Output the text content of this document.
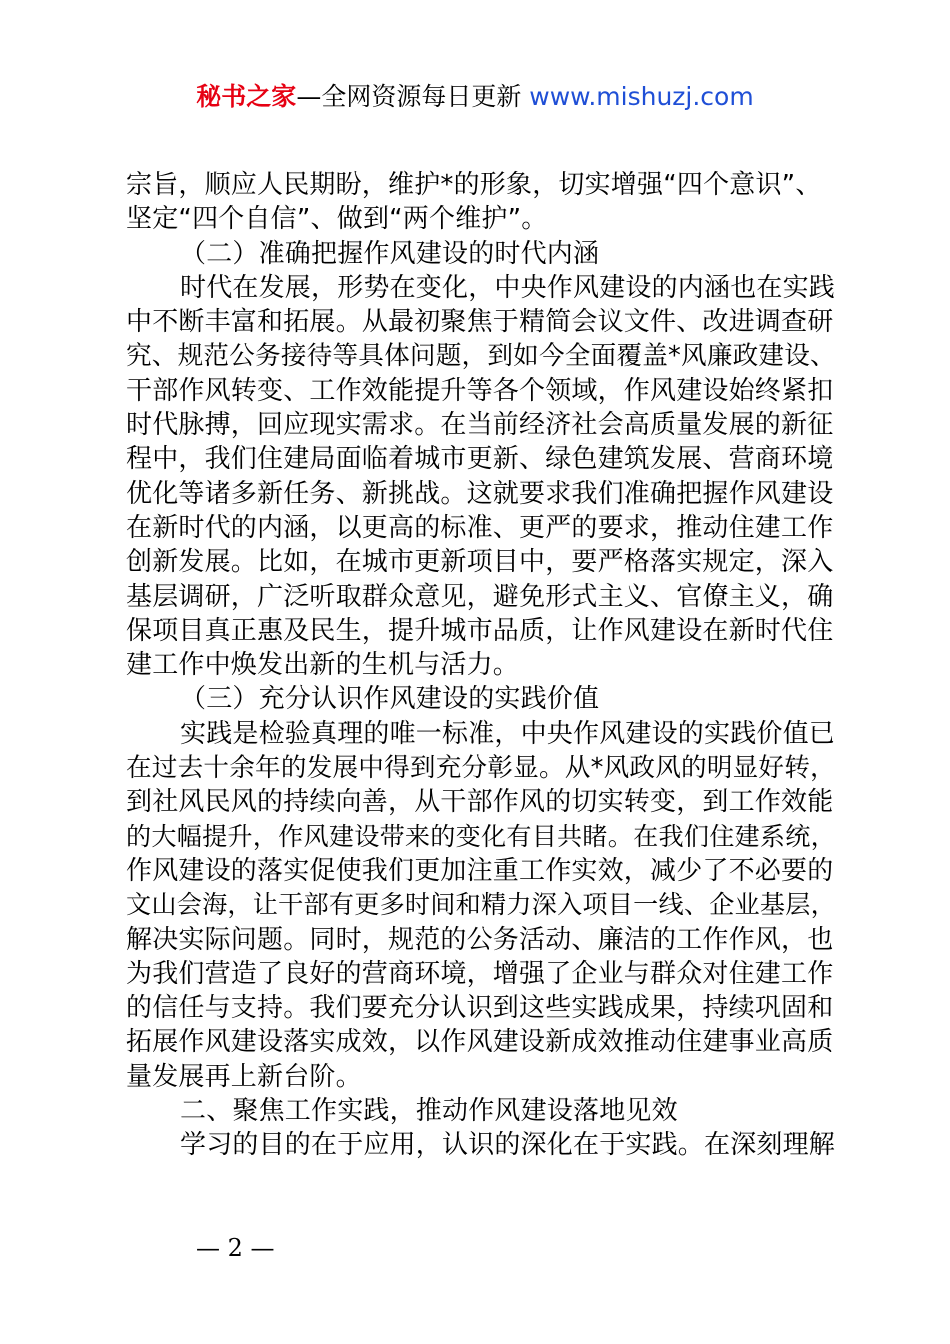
秘书之家—全网资源每日更新 www.mishuzj.com
宗旨，顺应人民期盼，维护*的形象，切实增强“四个意识”、
坚定“四个自信”、做到“两个维护”。
（二）准确把握作风建设的时代内涵
时代在发展，形势在变化，中央作风建设的内涵也在实践
中不断丰富和拓展。从最初聚焦于精简会议文件、改进调查研
究、规范公务接待等具体问题，到如今全面覆盖*风廉政建设、
干部作风转变、工作效能提升等各个领域，作风建设始终紧扣
时代脉搏，回应现实需求。在当前经济社会高质量发展的新征
程中，我们住建局面临着城市更新、绿色建筑发展、营商环境
优化等诸多新任务、新挑战。这就要求我们准确把握作风建设
在新时代的内涵，以更高的标准、更严的要求，推动住建工作
创新发展。比如，在城市更新项目中，要严格落实规定，深入
基层调研，广泛听取群众意见，避免形式主义、官僚主义，确
保项目真正惠及民生，提升城市品质，让作风建设在新时代住
建工作中焕发出新的生机与活力。
（三）充分认识作风建设的实践价值
实践是检验真理的唯一标准，中央作风建设的实践价值已
在过去十余年的发展中得到充分彰显。从*风政风的明显好转，
到社风民风的持续向善，从干部作风的切实转变，到工作效能
的大幅提升，作风建设带来的变化有目共睹。在我们住建系统，
作风建设的落实促使我们更加注重工作实效，减少了不必要的
文山会海，让干部有更多时间和精力深入项目一线、企业基层，
解决实际问题。同时，规范的公务活动、廉洁的工作作风，也
为我们营造了良好的营商环境，增强了企业与群众对住建工作
的信任与支持。我们要充分认识到这些实践成果，持续巩固和
拓展作风建设落实成效，以作风建设新成效推动住建事业高质
量发展再上新台阶。
二、聚焦工作实践，推动作风建设落地见效
学习的目的在于应用，认识的深化在于实践。在深刻理解
— 2 —
